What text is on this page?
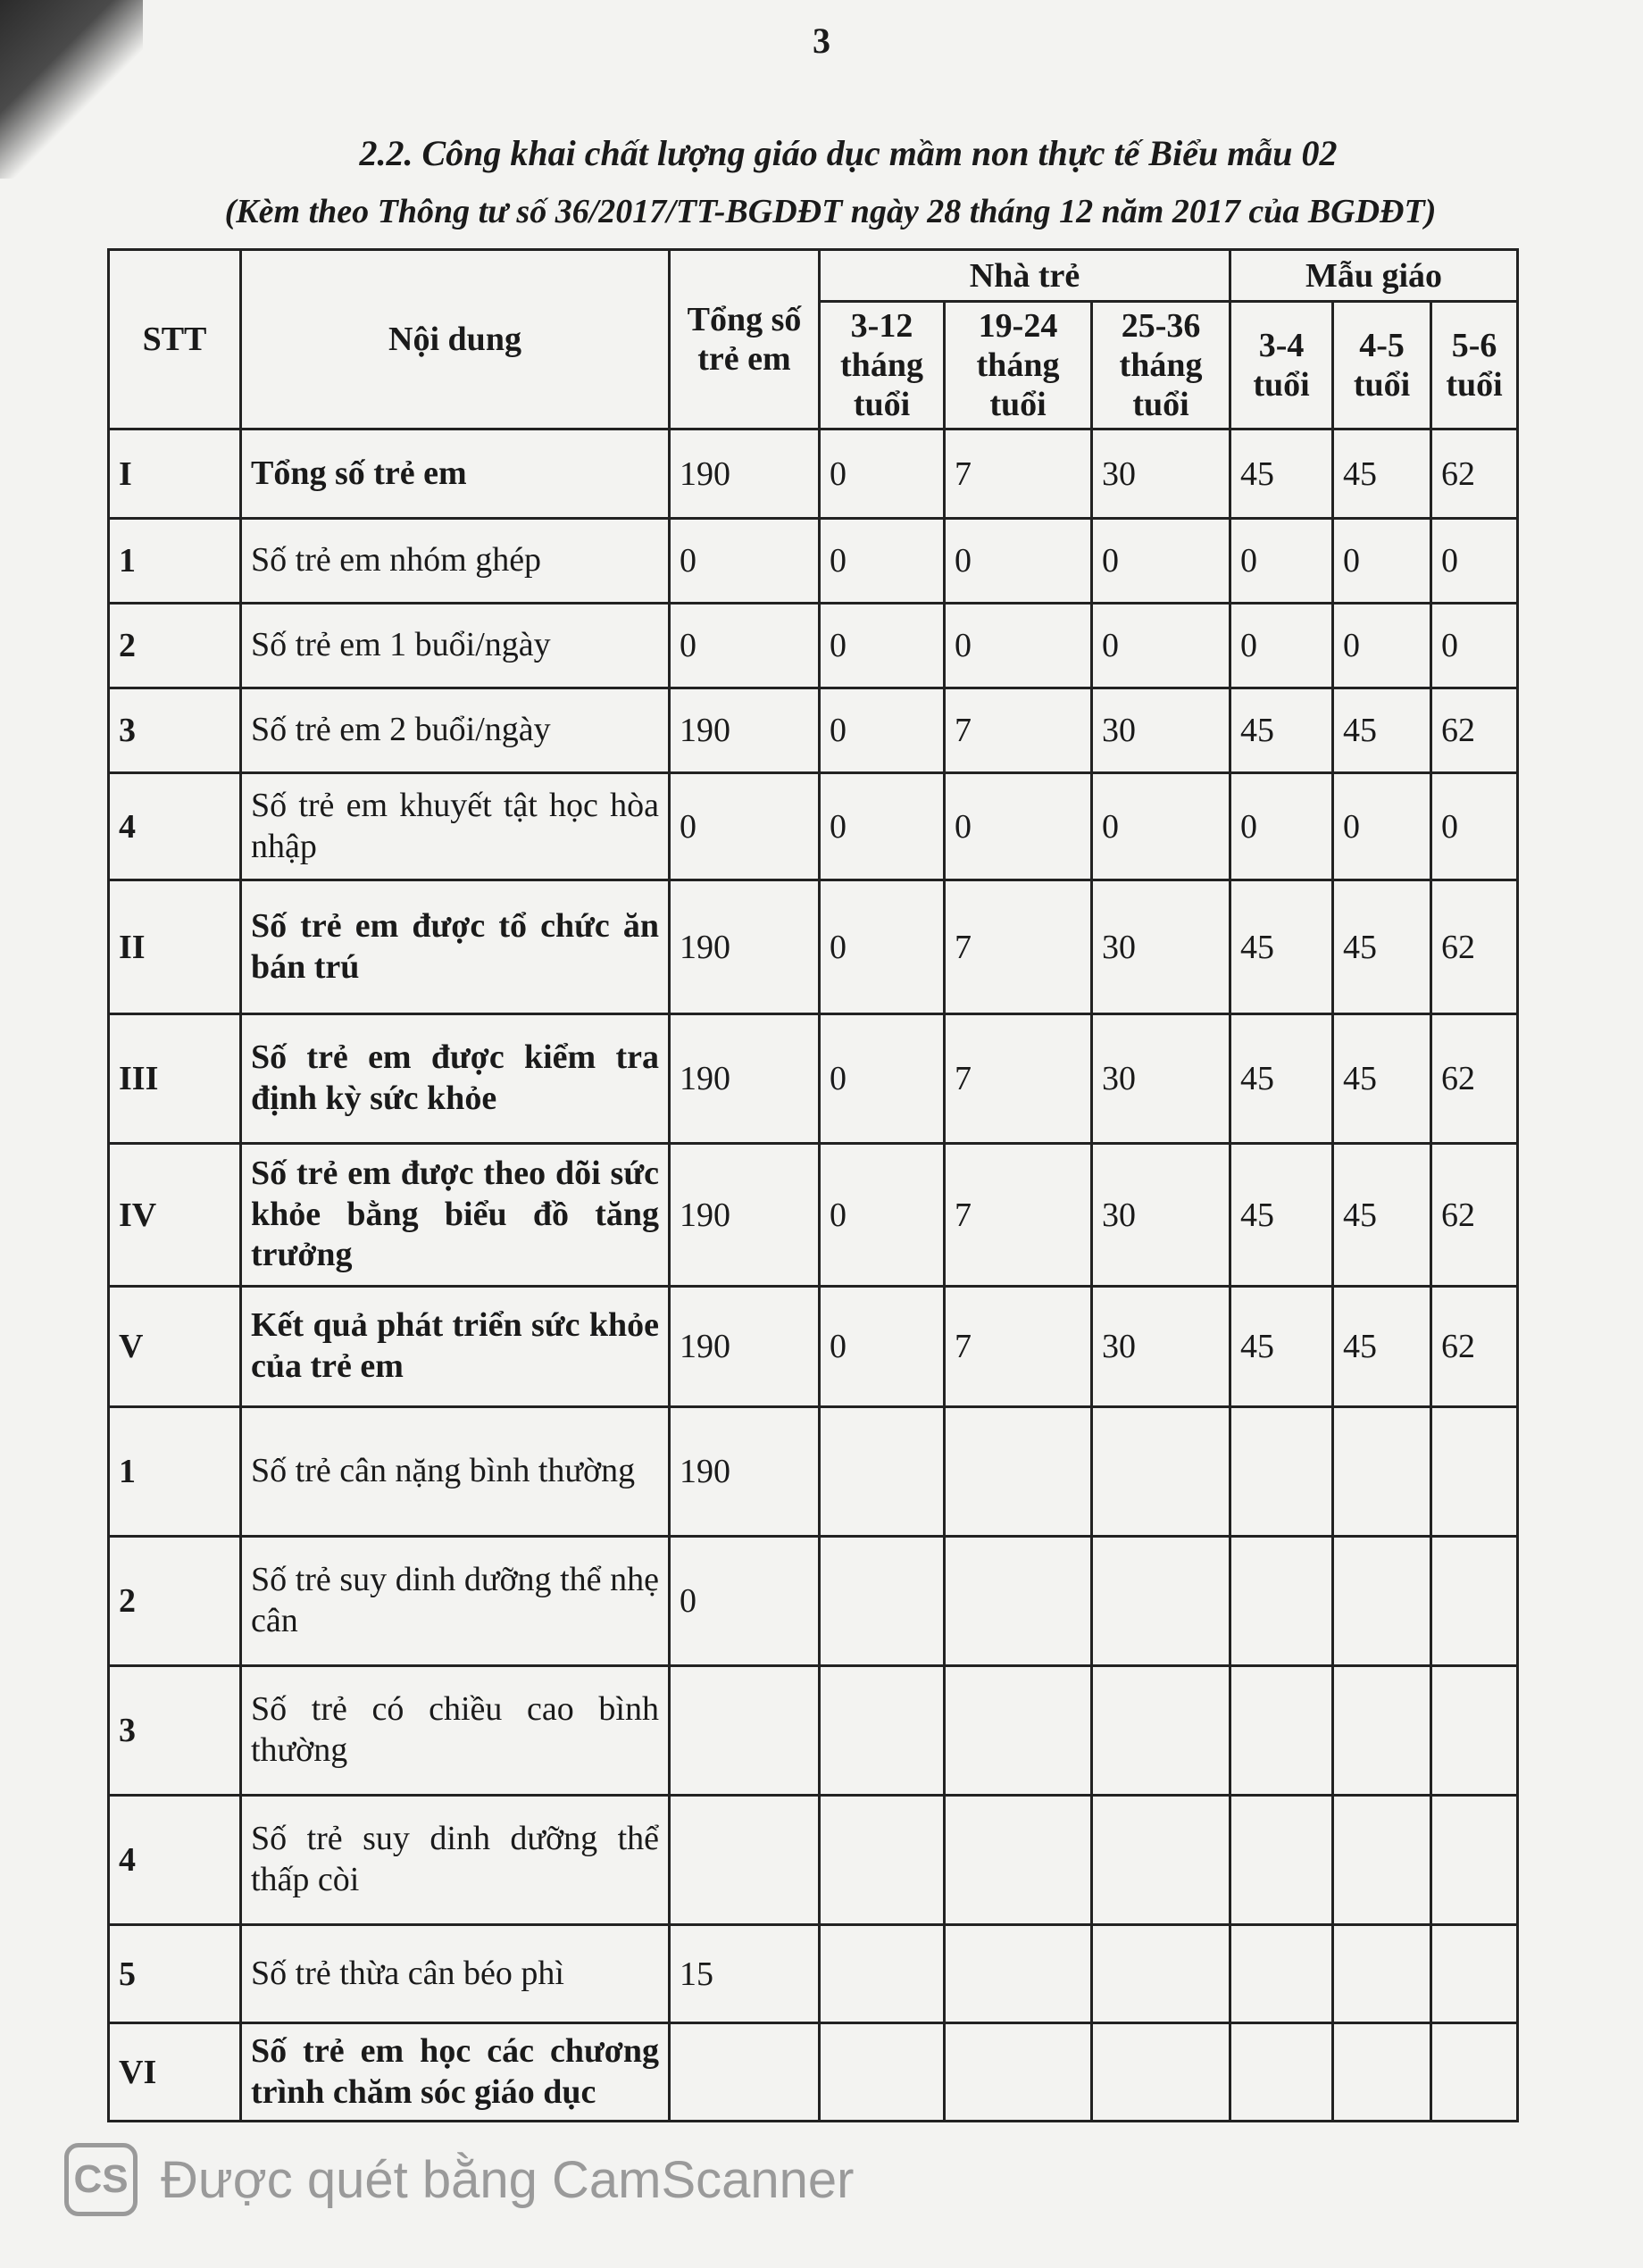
3
2.2. Công khai chất lượng giáo dục mầm non thực tế Biểu mẫu 02
(Kèm theo Thông tư số 36/2017/TT-BGDĐT ngày 28 tháng 12 năm 2017 của BGDĐT)
STT	Nội dung	Tổng số trẻ em	Nhà trẻ			Mẫu giáo		
			3-12 tháng tuổi	19-24 tháng tuổi	25-36 tháng tuổi	3-4 tuổi	4-5 tuổi	5-6 tuổi
I	Tổng số trẻ em	190	0	7	30	45	45	62
1	Số trẻ em nhóm ghép	0	0	0	0	0	0	0
2	Số trẻ em 1 buổi/ngày	0	0	0	0	0	0	0
3	Số trẻ em 2 buổi/ngày	190	0	7	30	45	45	62
4	Số trẻ em khuyết tật học hòa nhập	0	0	0	0	0	0	0
II	Số trẻ em được tổ chức ăn bán trú	190	0	7	30	45	45	62
III	Số trẻ em được kiểm tra định kỳ sức khỏe	190	0	7	30	45	45	62
IV	Số trẻ em được theo dõi sức khỏe bằng biểu đồ tăng trưởng	190	0	7	30	45	45	62
V	Kết quả phát triển sức khỏe của trẻ em	190	0	7	30	45	45	62
1	Số trẻ cân nặng bình thường	190						
2	Số trẻ suy dinh dưỡng thể nhẹ cân	0						
3	Số trẻ có chiều cao bình thường							
4	Số trẻ suy dinh dưỡng thể thấp còi							
5	Số trẻ thừa cân béo phì	15						
VI	Số trẻ em học các chương trình chăm sóc giáo dục							
CS Được quét bằng CamScanner
